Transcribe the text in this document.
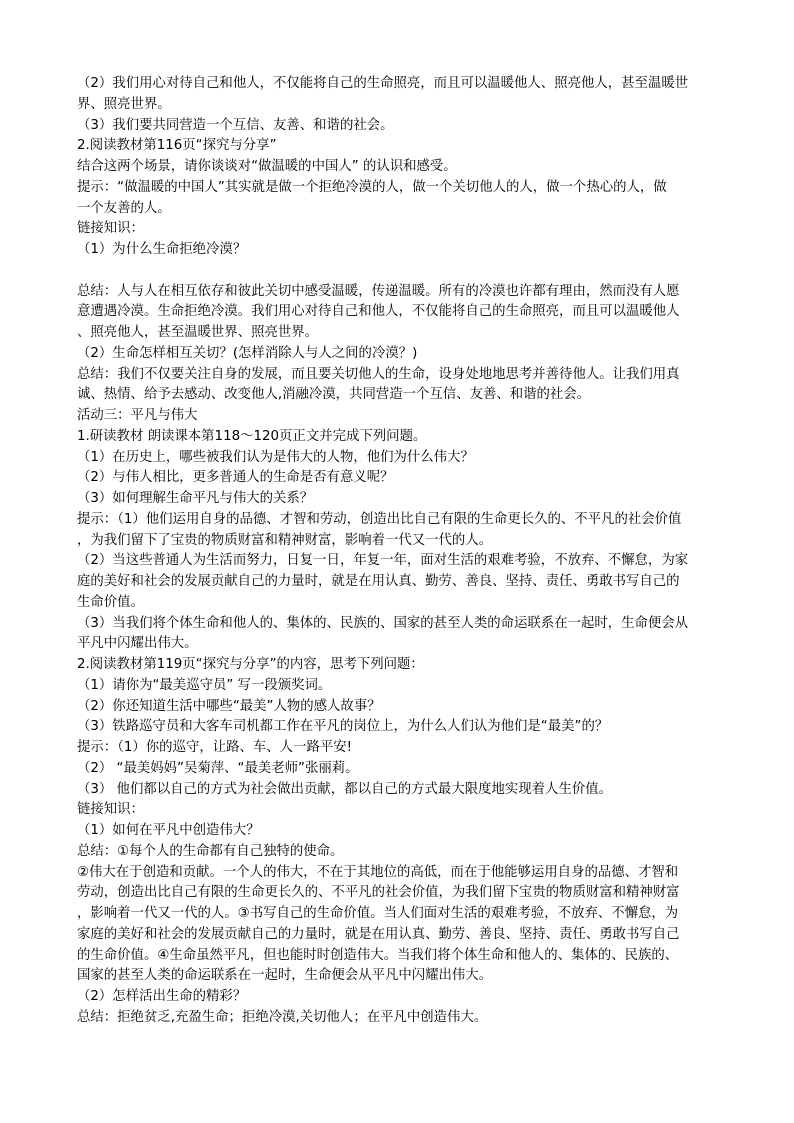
（2）我们用心对待自己和他人，不仅能将自己的生命照亮，而且可以温暖他人、照亮他人，甚至温暖世
界、照亮世界。
（3）我们要共同营造一个互信、友善、和谐的社会。
2.阅读教材第116页“探究与分享”
结合这两个场景，请你谈谈对“做温暖的中国人” 的认识和感受。
提示：“做温暖的中国人”其实就是做一个拒绝冷漠的人，做一个关切他人的人，做一个热心的人，做
一个友善的人。
链接知识：
（1）为什么生命拒绝冷漠？
总结：人与人在相互依存和彼此关切中感受温暖，传递温暖。所有的冷漠也许都有理由，然而没有人愿
意遭遇冷漠。生命拒绝冷漠。我们用心对待自己和他人，不仅能将自己的生命照亮，而且可以温暖他人
、照亮他人，甚至温暖世界、照亮世界。
（2）生命怎样相互关切？(怎样消除人与人之间的冷漠？)
总结：我们不仅要关注自身的发展，而且要关切他人的生命，设身处地地思考并善待他人。让我们用真
诚、热情、给予去感动、改变他人,消融冷漠，共同营造一个互信、友善、和谐的社会。
活动三：平凡与伟大
1.研读教材 朗读课本第118～120页正文并完成下列问题。
（1）在历史上，哪些被我们认为是伟大的人物，他们为什么伟大？
（2）与伟人相比，更多普通人的生命是否有意义呢？
（3）如何理解生命平凡与伟大的关系？
提示：（1）他们运用自身的品德、才智和劳动，创造出比自己有限的生命更长久的、不平凡的社会价值
，为我们留下了宝贵的物质财富和精神财富，影响着一代又一代的人。
（2）当这些普通人为生活而努力，日复一日，年复一年，面对生活的艰难考验，不放弃、不懈怠，为家
庭的美好和社会的发展贡献自己的力量时，就是在用认真、勤劳、善良、坚持、责任、勇敢书写自己的
生命价值。
（3）当我们将个体生命和他人的、集体的、民族的、国家的甚至人类的命运联系在一起时，生命便会从
平凡中闪耀出伟大。
2.阅读教材第119页“探究与分享”的内容，思考下列问题：
（1）请你为“最美巡守员” 写一段颁奖词。
（2）你还知道生活中哪些“最美”人物的感人故事？
（3）铁路巡守员和大客车司机都工作在平凡的岗位上，为什么人们认为他们是“最美”的？
提示：（1）你的巡守，让路、车、人一路平安!
（2） “最美妈妈”吴菊萍、“最美老师”张丽莉。
（3） 他们都以自己的方式为社会做出贡献，都以自己的方式最大限度地实现着人生价值。
链接知识：
（1）如何在平凡中创造伟大？
总结：①每个人的生命都有自己独特的使命。
②伟大在于创造和贡献。一个人的伟大，不在于其地位的高低，而在于他能够运用自身的品德、才智和
劳动，创造出比自己有限的生命更长久的、不平凡的社会价值，为我们留下宝贵的物质财富和精神财富
，影响着一代又一代的人。③书写自己的生命价值。当人们面对生活的艰难考验，不放弃、不懈怠，为
家庭的美好和社会的发展贡献自己的力量时，就是在用认真、勤劳、善良、坚持、责任、勇敢书写自己
的生命价值。④生命虽然平凡，但也能时时创造伟大。当我们将个体生命和他人的、集体的、民族的、
国家的甚至人类的命运联系在一起时，生命便会从平凡中闪耀出伟大。
（2）怎样活出生命的精彩？
总结：拒绝贫乏,充盈生命；拒绝冷漠,关切他人；在平凡中创造伟大。
